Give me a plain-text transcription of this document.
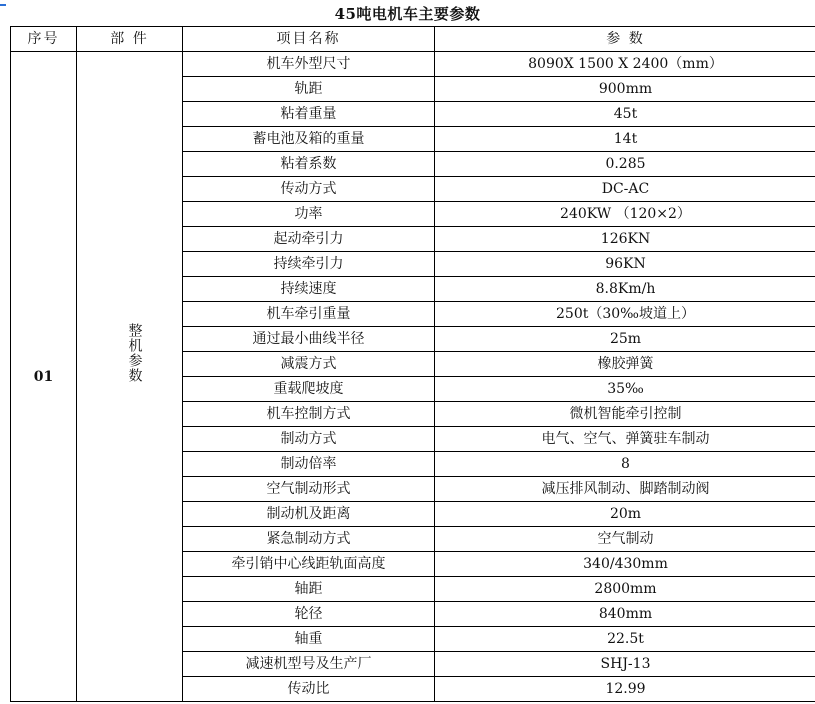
45吨电机车主要参数
序号	部 件	项目名称	参 数
01	整机参数	机车外型尺寸	8090X 1500 X 2400（mm）
		轨距	900mm
		粘着重量	45t
		蓄电池及箱的重量	14t
		粘着系数	0.285
		传动方式	DC-AC
		功率	240KW （120×2）
		起动牵引力	126KN
		持续牵引力	96KN
		持续速度	8.8Km/h
		机车牵引重量	250t（30‰坡道上）
		通过最小曲线半径	25m
		减震方式	橡胶弹簧
		重载爬坡度	35‰
		机车控制方式	微机智能牵引控制
		制动方式	电气、空气、弹簧驻车制动
		制动倍率	8
		空气制动形式	减压排风制动、脚踏制动阀
		制动机及距离	20m
		紧急制动方式	空气制动
		牵引销中心线距轨面高度	340/430mm
		轴距	2800mm
		轮径	840mm
		轴重	22.5t
		减速机型号及生产厂	SHJ-13
		传动比	12.99
